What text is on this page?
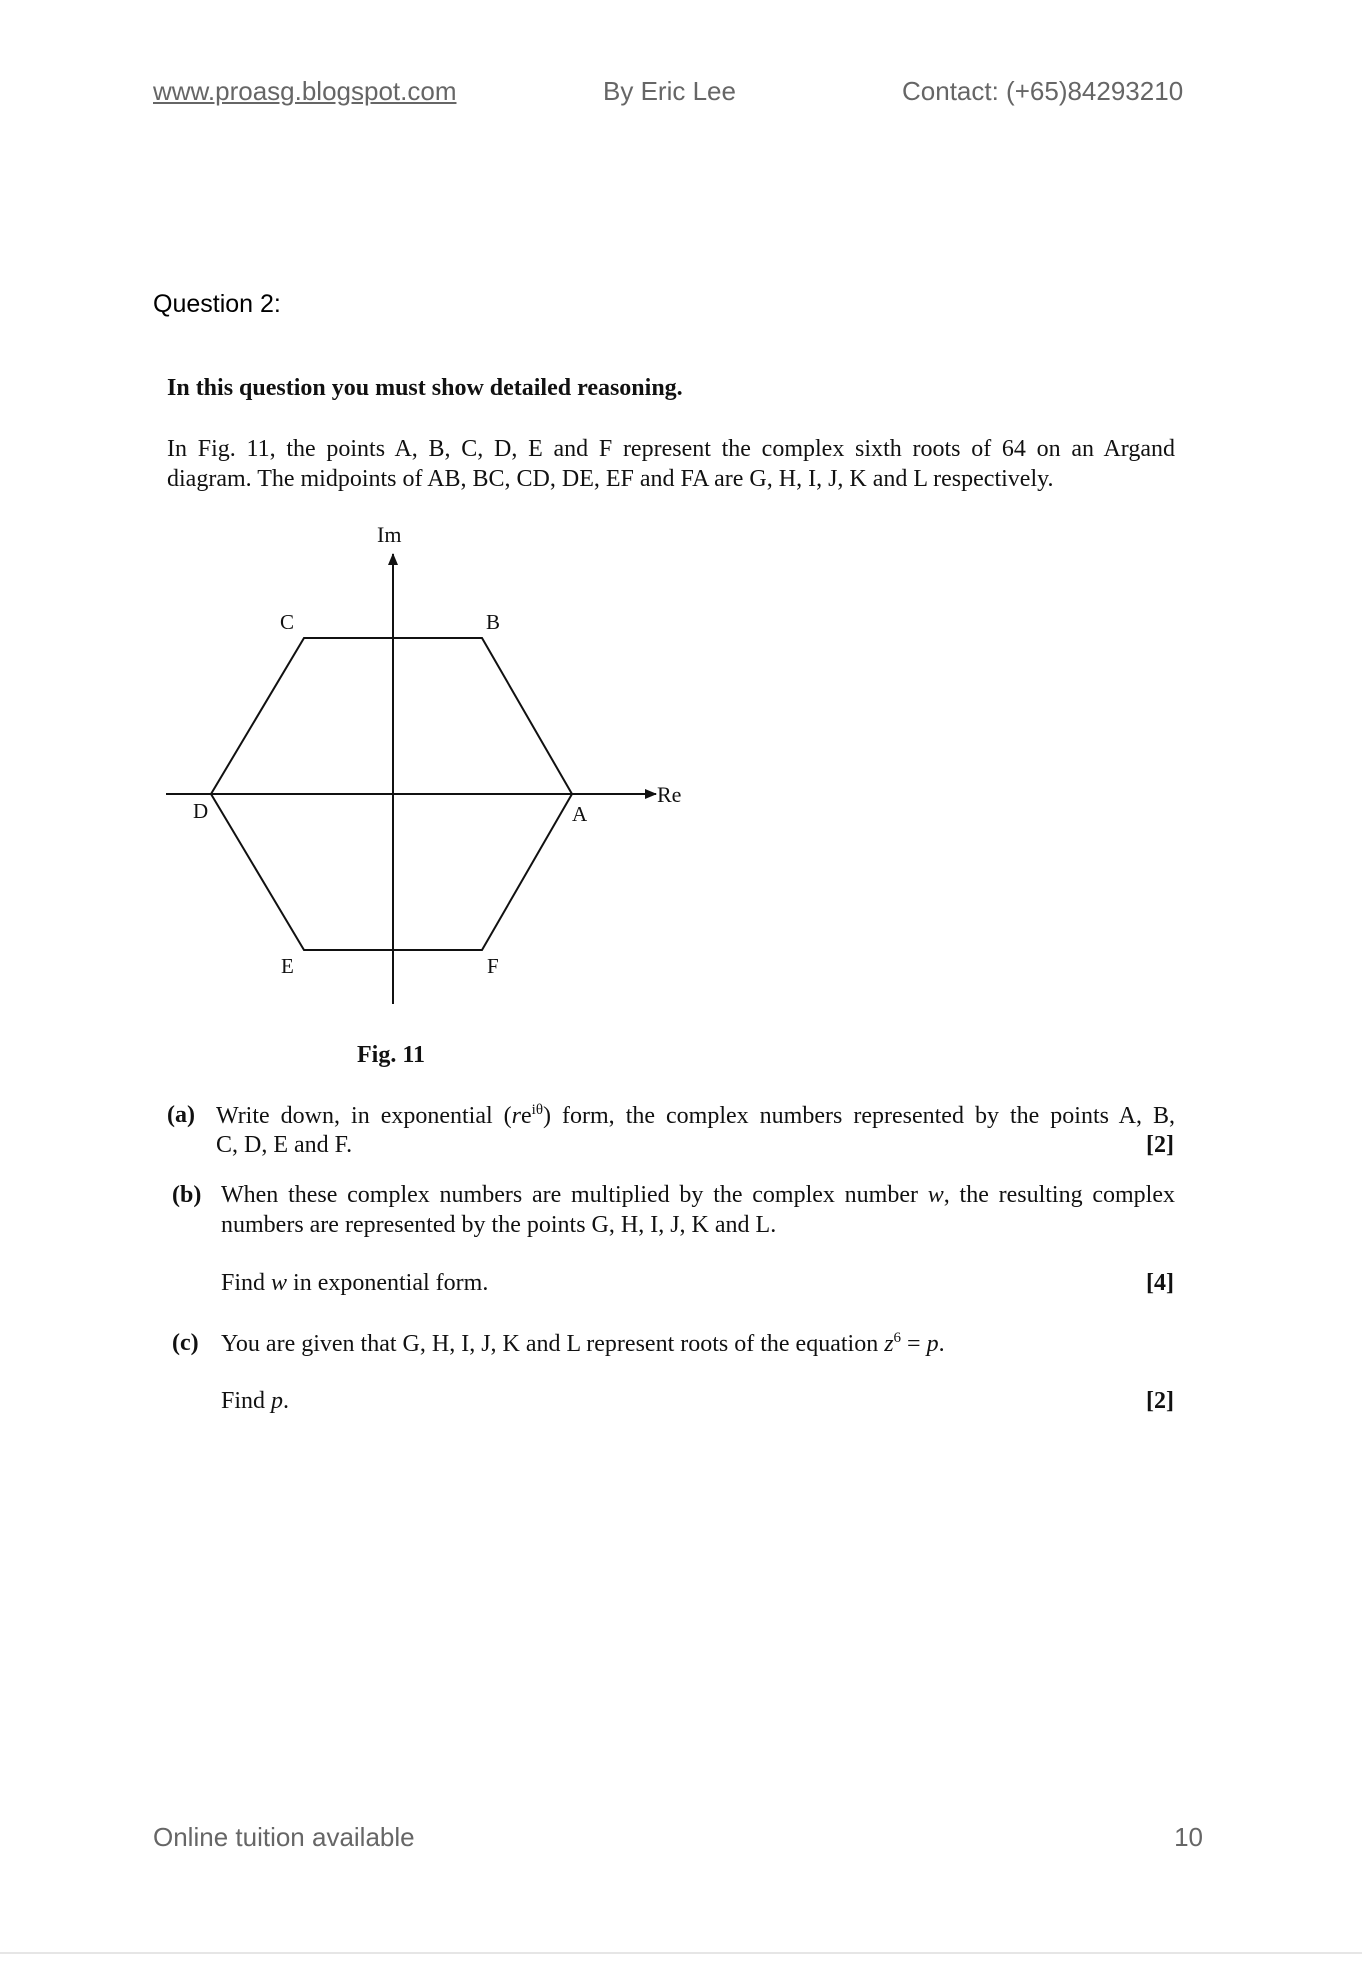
www.proasg.blogspot.com	By Eric Lee	Contact: (+65)84293210
Question 2:
In this question you must show detailed reasoning.
In Fig. 11, the points A, B, C, D, E and F represent the complex sixth roots of 64 on an Argand
diagram. The midpoints of AB, BC, CD, DE, EF and FA are G, H, I, J, K and L respectively.
Im
Re
A
B
C
D
E	F
Fig. 11
(a) Write down, in exponential $(re^{i\theta})$ form, the complex numbers represented by the points A, B,
C, D, E and F.	[2]
(b) When these complex numbers are multiplied by the complex number w, the resulting complex
numbers are represented by the points G, H, I, J, K and L.
Find w in exponential form.	[4]
(c) You are given that G, H, I, J, K and L represent roots of the equation $z^6 = p$.
Find p.	[2]
Online tuition available	10
